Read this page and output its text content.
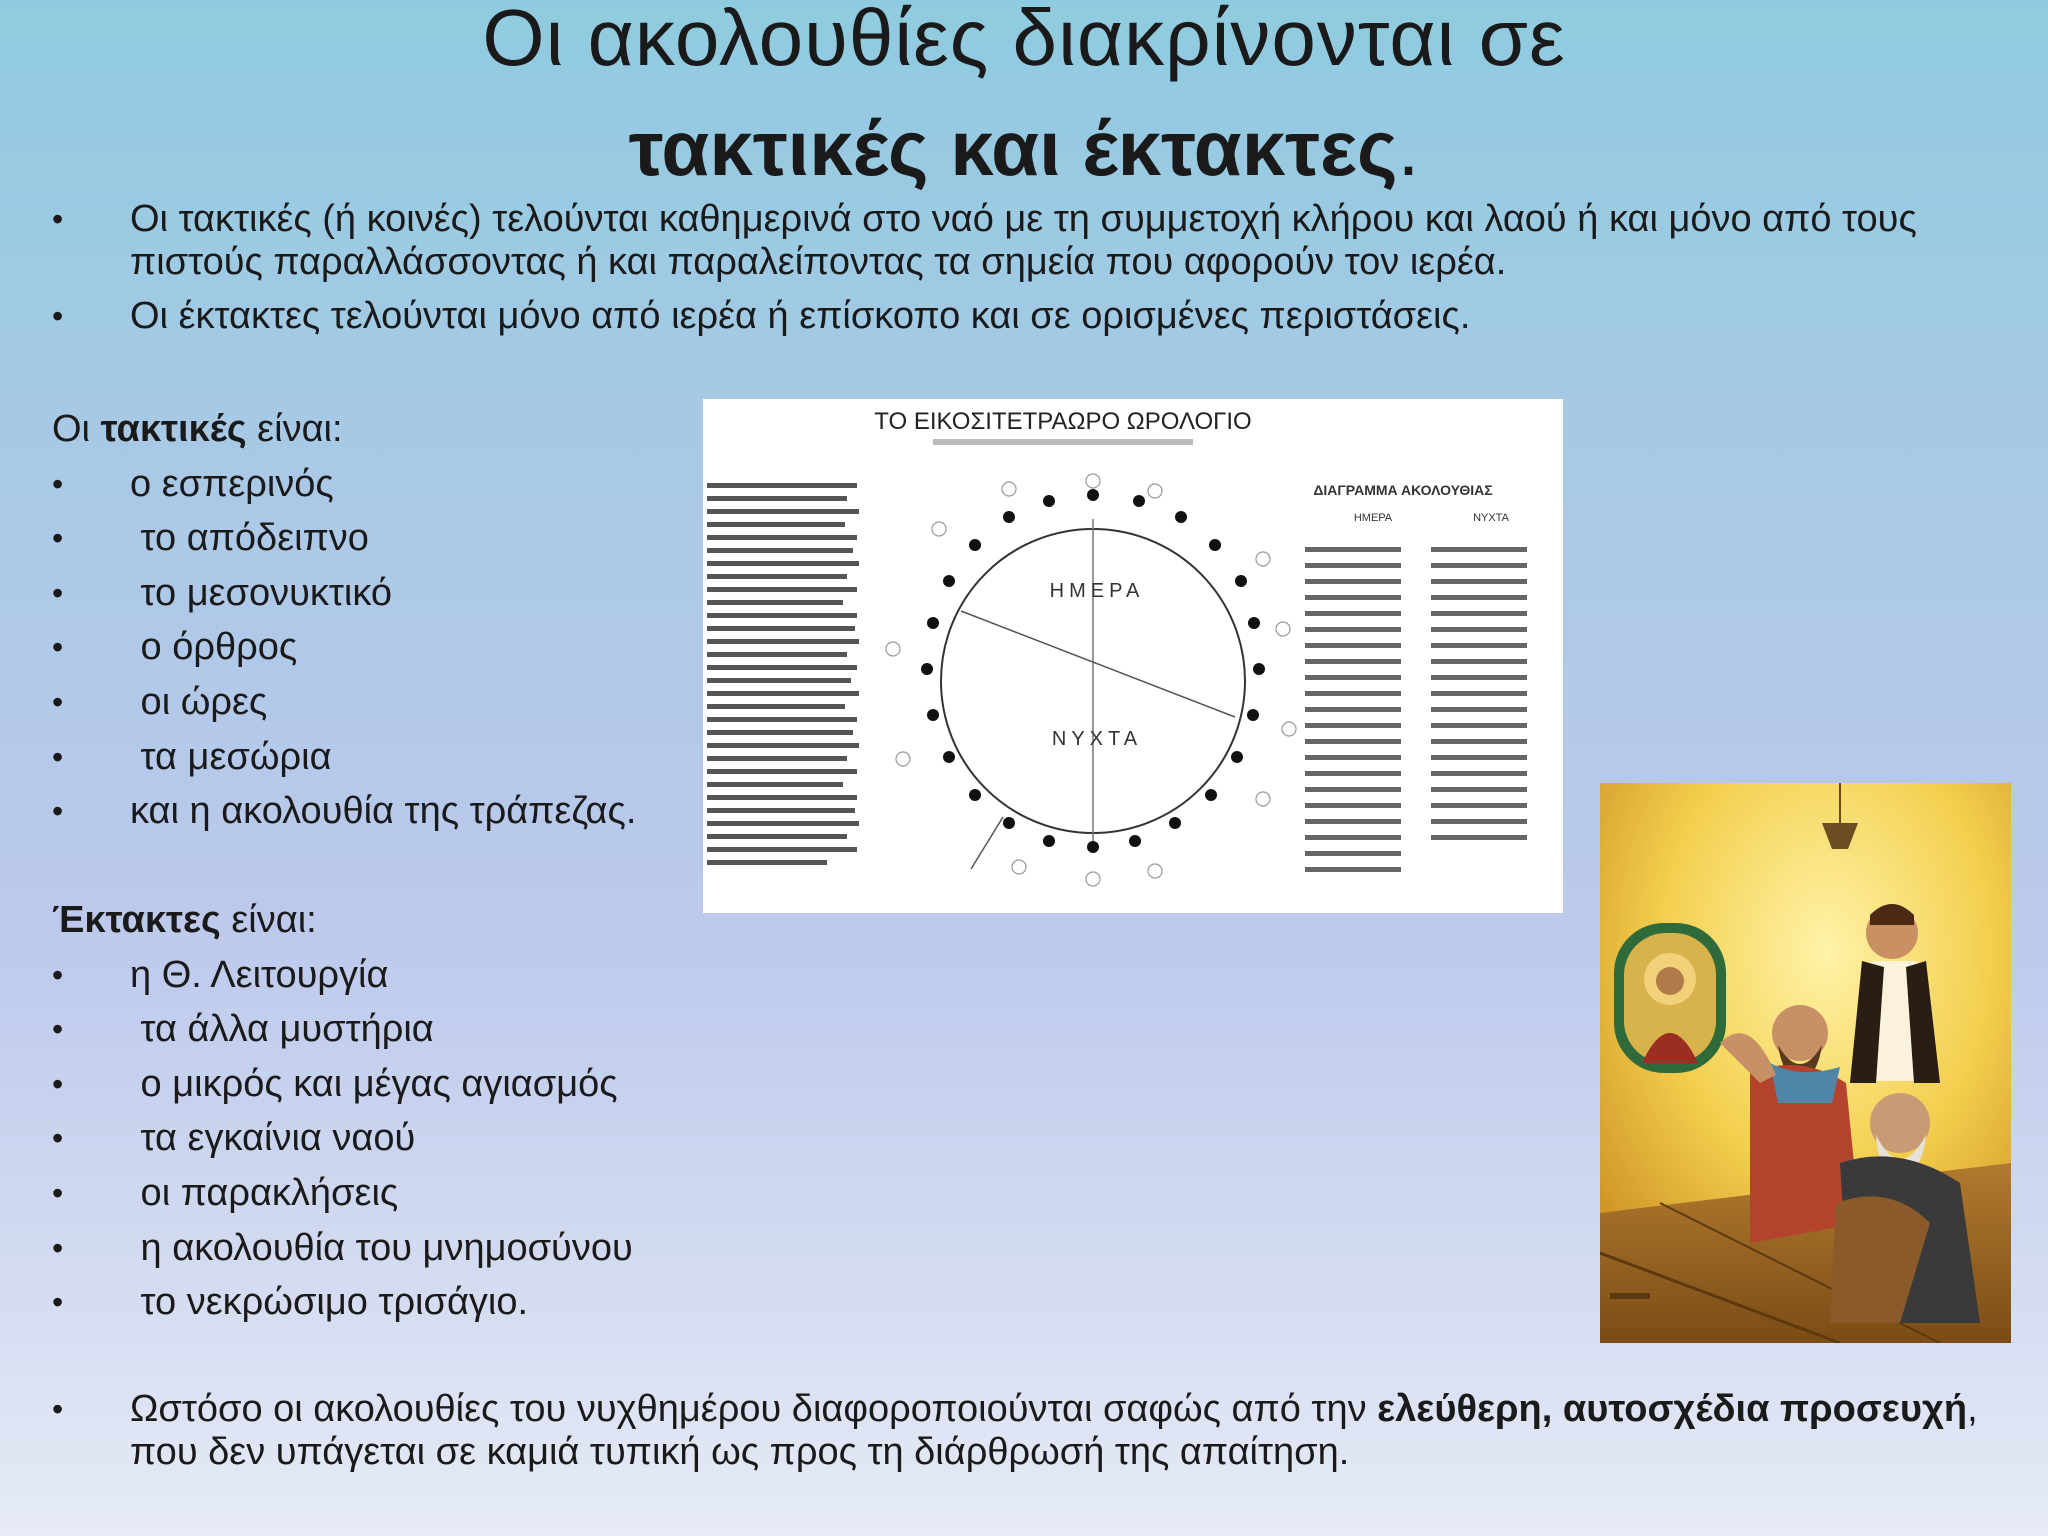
Οι ακολουθίες διακρίνονται σε
τακτικές και έκτακτες.
• Οι τακτικές (ή κοινές) τελούνται καθημερινά στο ναό με τη συμμετοχή κλήρου και λαού ή και μόνο από τους πιστούς παραλλάσσοντας ή και παραλείποντας τα σημεία που αφορούν τον ιερέα.
• Οι έκτακτες τελούνται μόνο από ιερέα ή επίσκοπο και σε ορισμένες περιστάσεις.
Οι τακτικές είναι:
• ο εσπερινός
• το απόδειπνο
• το μεσονυκτικό
• ο όρθρος
• οι ώρες
• τα μεσώρια
• και η ακολουθία της τράπεζας.
Έκτακτες είναι:
• η Θ. Λειτουργία
• τα άλλα μυστήρια
• ο μικρός και μέγας αγιασμός
• τα εγκαίνια ναού
• οι παρακλήσεις
• η ακολουθία του μνημοσύνου
• το νεκρώσιμο τρισάγιο.
ΤΟ ΕΙΚΟΣΙΤΕΤΡΑΩΡΟ ΩΡΟΛΟΓΙΟ
ΗΜΕΡΑ
ΝΥΧΤΑ
ΔΙΑΓΡΑΜΜΑ ΑΚΟΛΟΥΘΙΑΣ
ΗΜΕΡΑ	ΝΥΧΤΑ
• Ωστόσο οι ακολουθίες του νυχθημέρου διαφοροποιούνται σαφώς από την ελεύθερη, αυτοσχέδια προσευχή, που δεν υπάγεται σε καμιά τυπική ως προς τη διάρθρωσή της απαίτηση.
